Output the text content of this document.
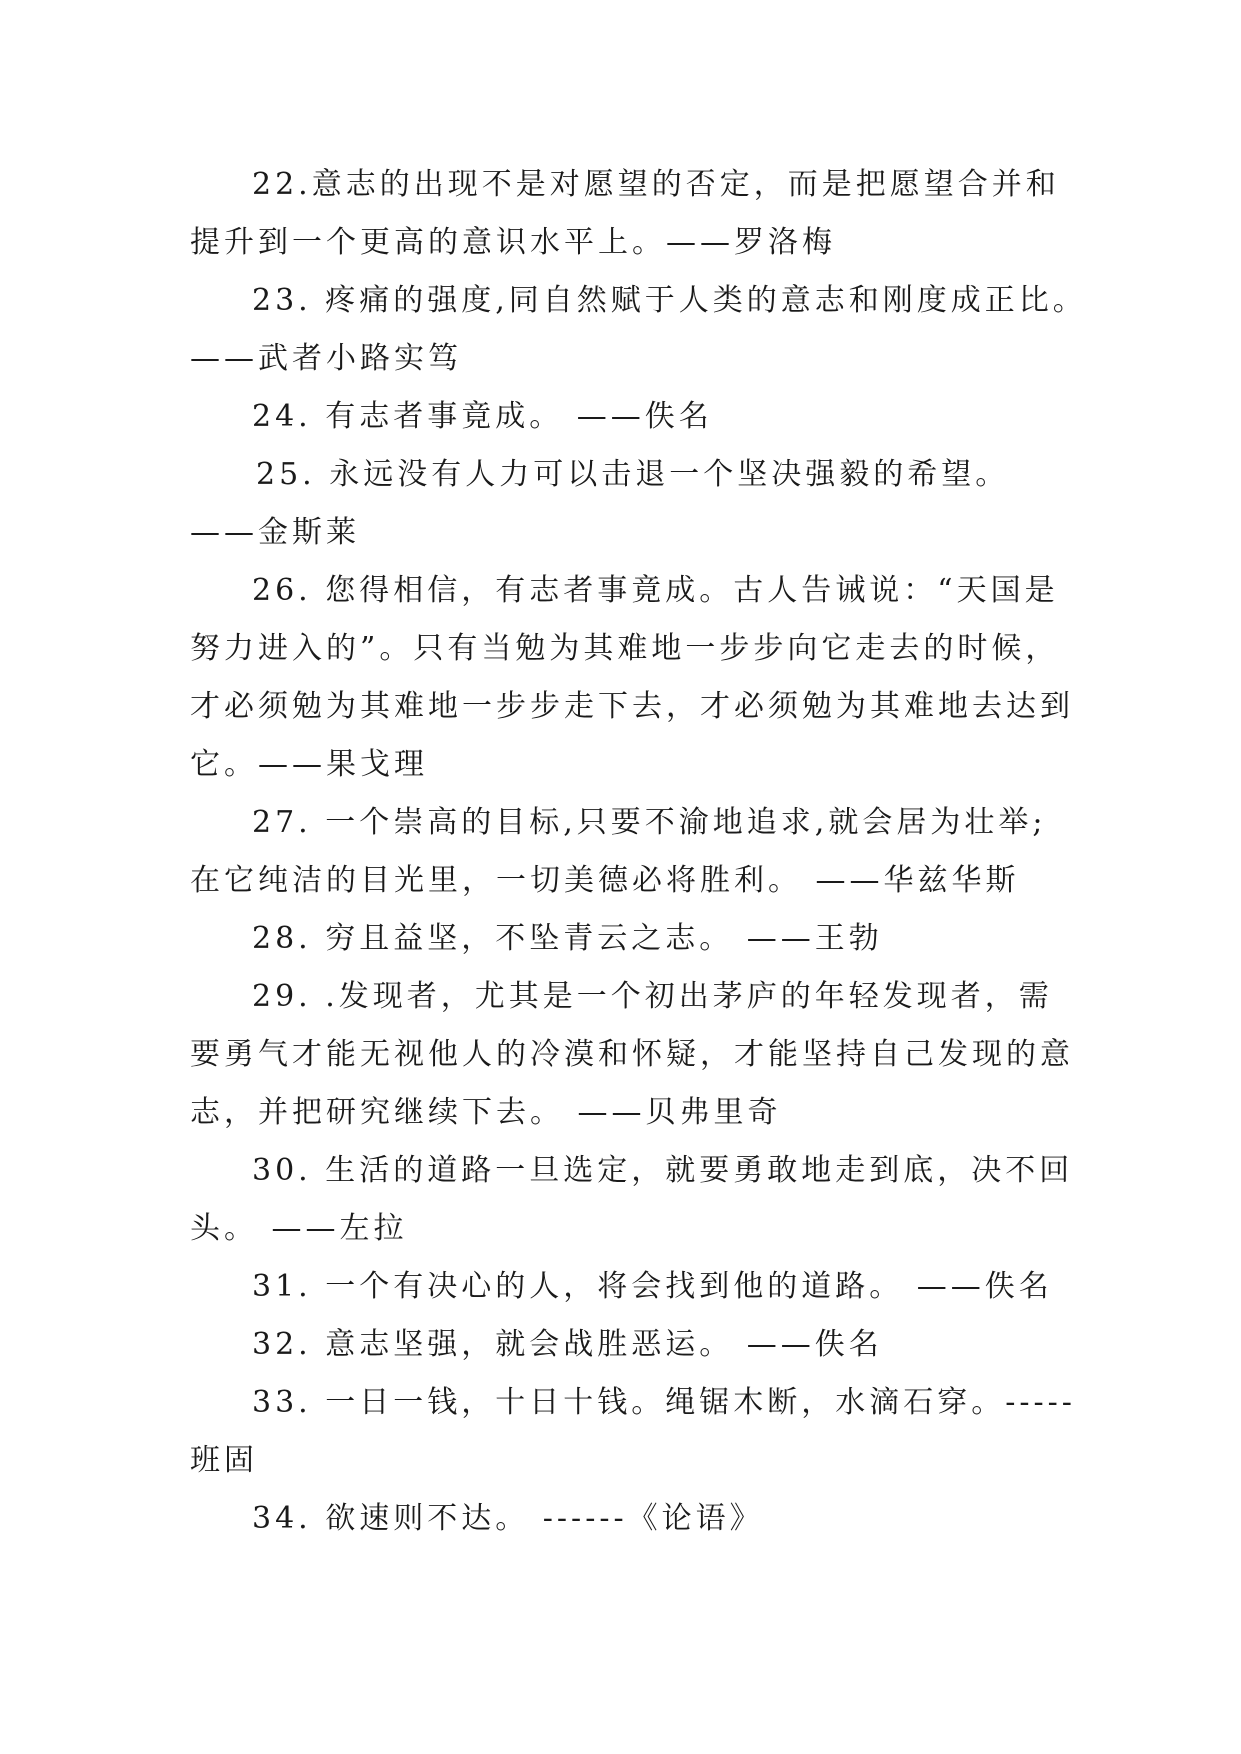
22.意志的出现不是对愿望的否定，而是把愿望合并和
提升到一个更高的意识水平上。——罗洛梅
23. 疼痛的强度,同自然赋于人类的意志和刚度成正比。
——武者小路实笃
24. 有志者事竟成。 ——佚名
25. 永远没有人力可以击退一个坚决强毅的希望。
——金斯莱
26. 您得相信，有志者事竟成。古人告诫说：“天国是
努力进入的”。只有当勉为其难地一步步向它走去的时候，
才必须勉为其难地一步步走下去，才必须勉为其难地去达到
它。——果戈理
27. 一个崇高的目标,只要不渝地追求,就会居为壮举;
在它纯洁的目光里，一切美德必将胜利。 ——华兹华斯
28. 穷且益坚，不坠青云之志。 ——王勃
29. .发现者，尤其是一个初出茅庐的年轻发现者，需
要勇气才能无视他人的冷漠和怀疑，才能坚持自己发现的意
志，并把研究继续下去。 ——贝弗里奇
30. 生活的道路一旦选定，就要勇敢地走到底，决不回
头。 ——左拉
31. 一个有决心的人，将会找到他的道路。 ——佚名
32. 意志坚强，就会战胜恶运。 ——佚名
33. 一日一钱，十日十钱。绳锯木断，水滴石穿。-----
班固
34. 欲速则不达。 ------《论语》
